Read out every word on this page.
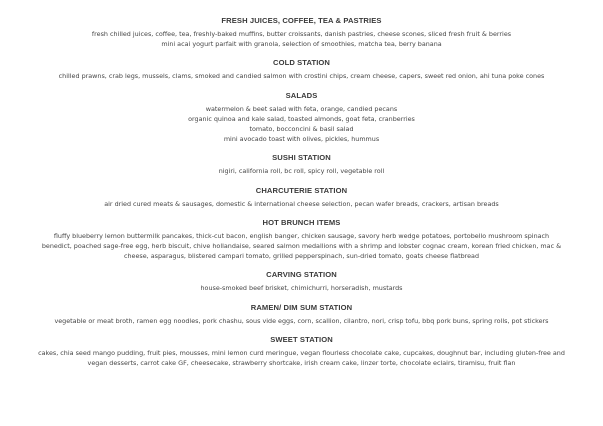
FRESH JUICES, COFFEE, TEA & PASTRIES
fresh chilled juices, coffee, tea, freshly-baked muffins, butter croissants, danish pastries, cheese scones, sliced fresh fruit & berries
mini acai yogurt parfait with granola, selection of smoothies, matcha tea, berry banana
COLD STATION
chilled prawns, crab legs, mussels, clams, smoked and candied salmon with crostini chips, cream cheese, capers, sweet red onion, ahi tuna poke cones
SALADS
watermelon & beet salad with feta, orange, candied pecans
organic quinoa and kale salad, toasted almonds, goat feta, cranberries
tomato, bocconcini & basil salad
mini avocado toast with olives, pickles, hummus
SUSHI STATION
nigiri, california roll, bc roll, spicy roll, vegetable roll
CHARCUTERIE STATION
air dried cured meats & sausages, domestic & international cheese selection, pecan wafer breads, crackers, artisan breads
HOT BRUNCH ITEMS
fluffy blueberry lemon buttermilk pancakes, thick-cut bacon, english banger, chicken sausage, savory herb wedge potatoes, portobello mushroom spinach
benedict, poached sage-free egg, herb biscuit, chive hollandaise, seared salmon medallions with a shrimp and lobster cognac cream, korean fried chicken, mac &
cheese, asparagus, blistered campari tomato, grilled pepperspinach, sun-dried tomato, goats cheese flatbread
CARVING STATION
house-smoked beef brisket, chimichurri, horseradish, mustards
RAMEN/ DIM SUM STATION
vegetable or meat broth, ramen egg noodles, pork chashu, sous vide eggs, corn, scallion, cilantro, nori, crisp tofu, bbq pork buns, spring rolls, pot stickers
SWEET STATION
cakes, chia seed mango pudding, fruit pies, mousses, mini lemon curd meringue, vegan flourless chocolate cake, cupcakes, doughnut bar, including gluten-free and
vegan desserts, carrot cake GF, cheesecake, strawberry shortcake, irish cream cake, linzer torte, chocolate eclairs, tiramisu, fruit flan
